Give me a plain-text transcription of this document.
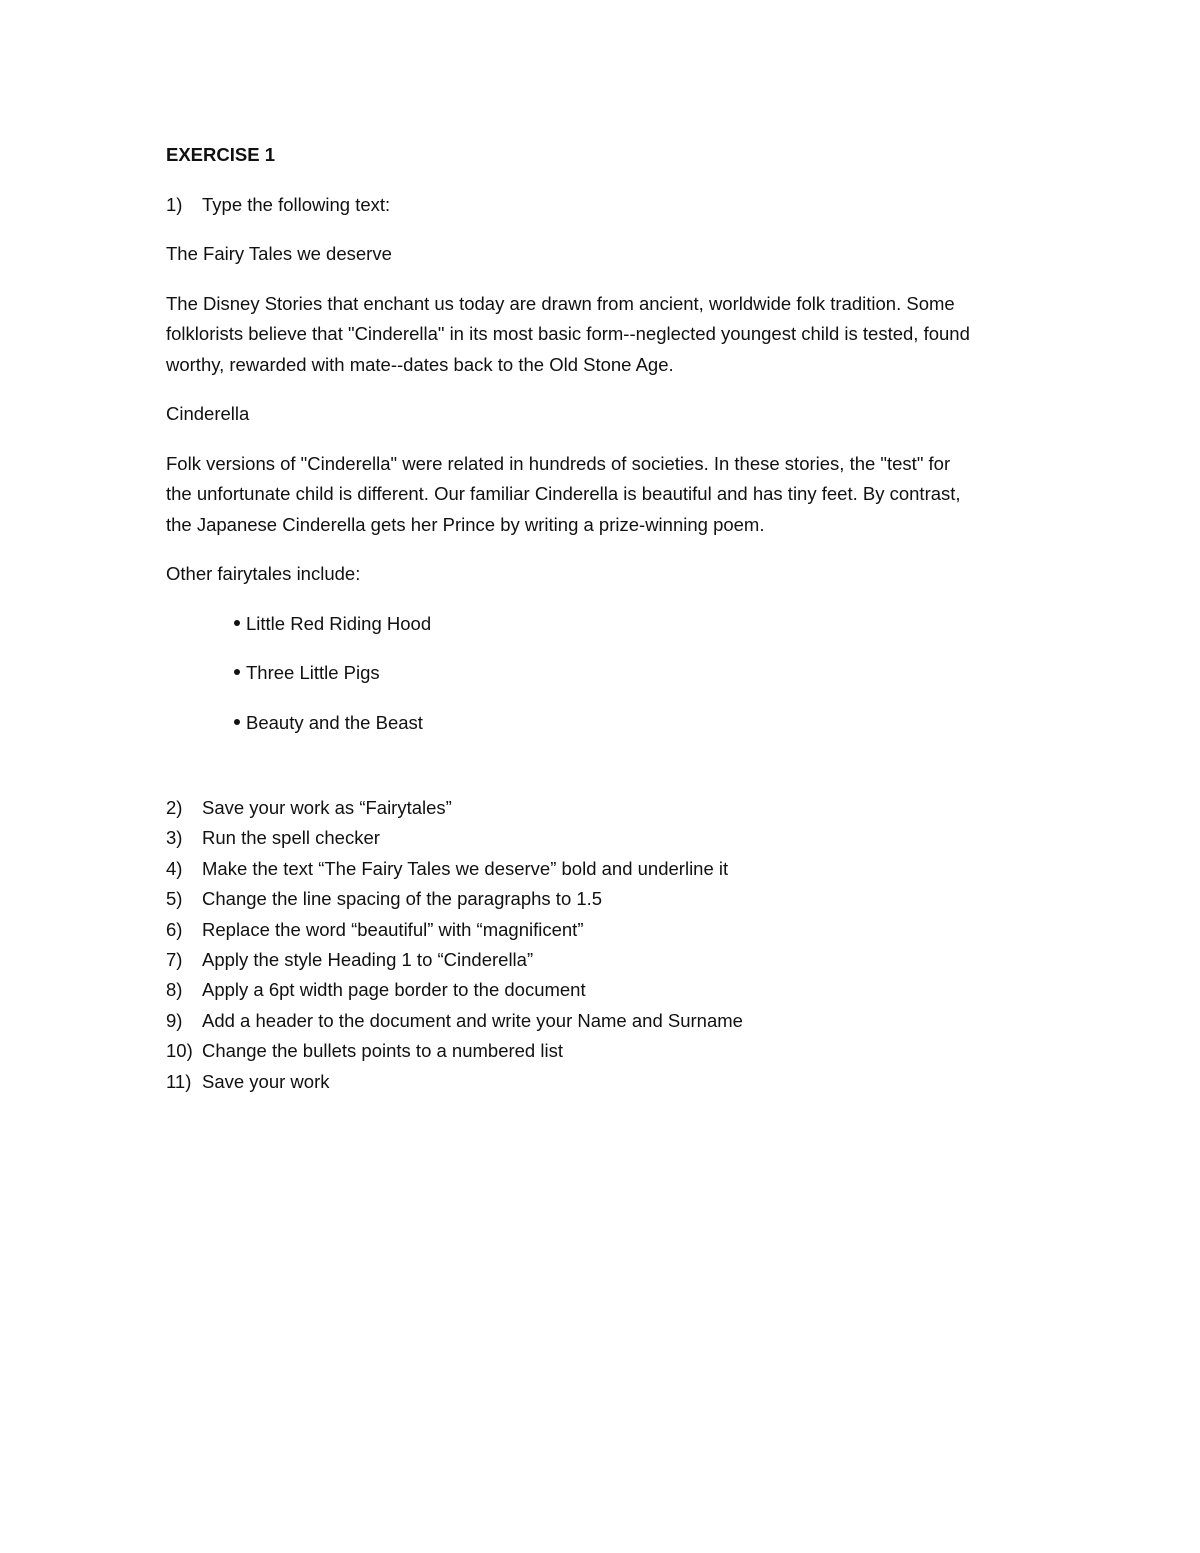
EXERCISE 1
1)	Type the following text:

The Fairy Tales we deserve

The Disney Stories that enchant us today are drawn from ancient, worldwide folk tradition. Some

folklorists believe that "Cinderella" in its most basic form--neglected youngest child is tested, found

worthy, rewarded with mate--dates back to the Old Stone Age.

Cinderella

Folk versions of "Cinderella" were related in hundreds of societies. In these stories, the "test" for

the unfortunate child is different. Our familiar Cinderella is beautiful and has tiny feet. By contrast,

the Japanese Cinderella gets her Prince by writing a prize-winning poem.

Other fairytales include:

Little Red Riding Hood
Three Little Pigs
Beauty and the Beast
2)	Save your work as “Fairytales”
3)	Run the spell checker
4)	Make the text “The Fairy Tales we deserve” bold and underline it
5)	Change the line spacing of the paragraphs to 1.5
6)	Replace the word “beautiful” with “magnificent”
7)	Apply the style Heading 1 to “Cinderella”
8)	Apply a 6pt width page border to the document
9)	Add a header to the document and write your Name and Surname
10) Change the bullets points to a numbered list
11) Save your work
